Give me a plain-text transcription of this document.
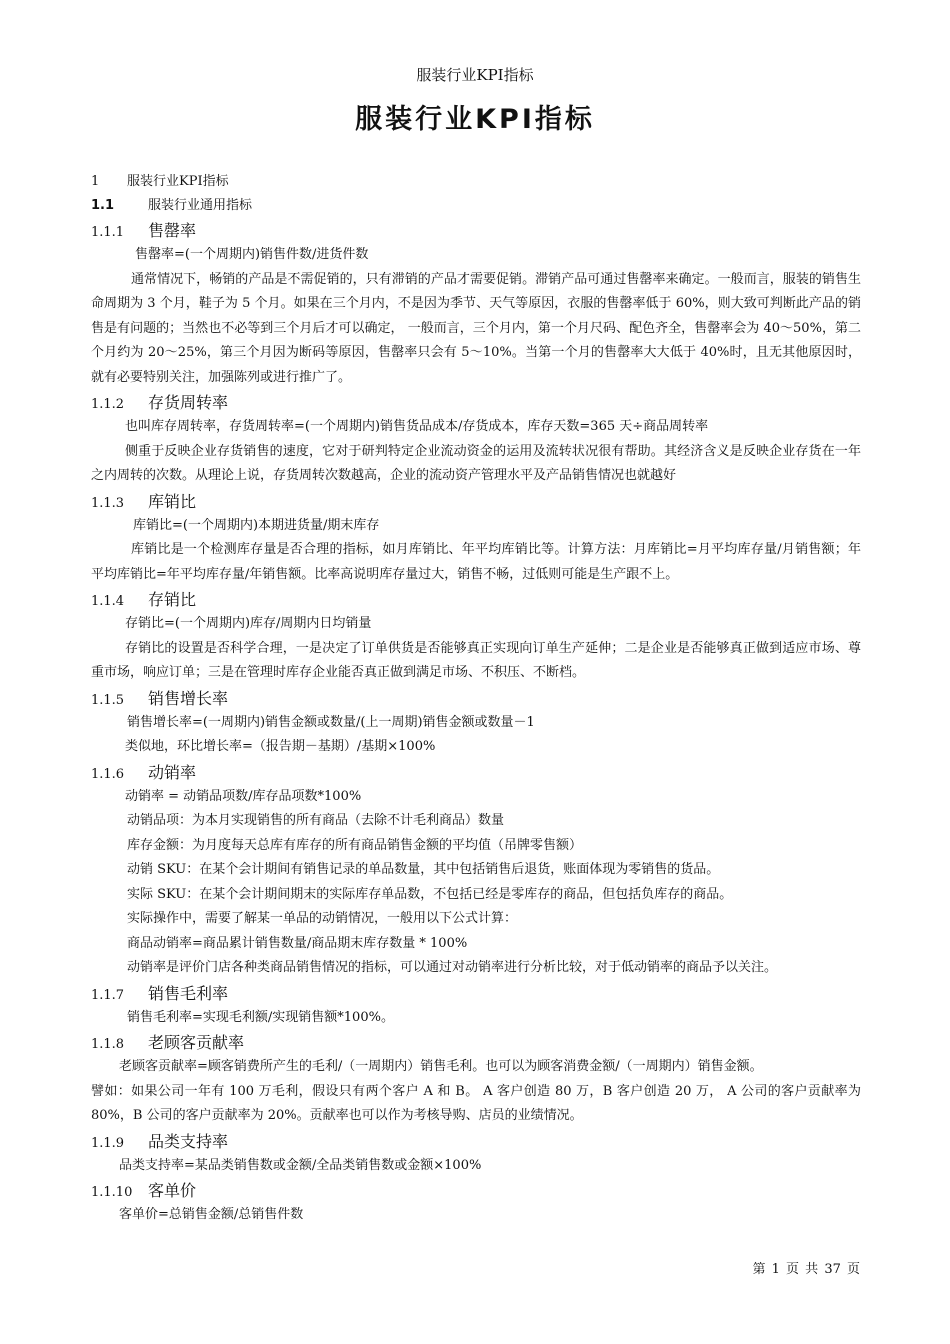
服装行业KPI指标
服装行业KPI指标
1 服装行业KPI指标
1.1	服装行业通用指标
1.1.1 售罄率
售罄率=(一个周期内)销售件数/进货件数
通常情况下，畅销的产品是不需促销的，只有滞销的产品才需要促销。滞销产品可通过售罄率来确定。一般而言，服装的销售生命周期为 3 个月，鞋子为 5 个月。如果在三个月内，不是因为季节、天气等原因，衣服的售罄率低于 60%，则大致可判断此产品的销售是有问题的；当然也不必等到三个月后才可以确定， 一般而言，三个月内，第一个月尺码、配色齐全，售罄率会为 40～50%，第二个月约为 20～25%，第三个月因为断码等原因，售罄率只会有 5～10%。当第一个月的售罄率大大低于 40%时，且无其他原因时，就有必要特别关注，加强陈列或进行推广了。
1.1.2 存货周转率
也叫库存周转率，存货周转率=(一个周期内)销售货品成本/存货成本，库存天数=365 天÷商品周转率
侧重于反映企业存货销售的速度，它对于研判特定企业流动资金的运用及流转状况很有帮助。其经济含义是反映企业存货在一年之内周转的次数。从理论上说，存货周转次数越高，企业的流动资产管理水平及产品销售情况也就越好
1.1.3 库销比
库销比=(一个周期内)本期进货量/期末库存
库销比是一个检测库存量是否合理的指标，如月库销比、年平均库销比等。计算方法：月库销比=月平均库存量/月销售额；年平均库销比=年平均库存量/年销售额。比率高说明库存量过大，销售不畅，过低则可能是生产跟不上。
1.1.4 存销比
存销比=(一个周期内)库存/周期内日均销量
存销比的设置是否科学合理，一是决定了订单供货是否能够真正实现向订单生产延伸；二是企业是否能够真正做到适应市场、尊重市场，响应订单；三是在管理时库存企业能否真正做到满足市场、不积压、不断档。
1.1.5 销售增长率
销售增长率=(一周期内)销售金额或数量/(上一周期)销售金额或数量－1
类似地，环比增长率=（报告期－基期）/基期×100%
1.1.6 动销率
动销率 = 动销品项数/库存品项数*100%
动销品项：为本月实现销售的所有商品（去除不计毛利商品）数量
库存金额：为月度每天总库有库存的所有商品销售金额的平均值（吊牌零售额）
动销 SKU：在某个会计期间有销售记录的单品数量，其中包括销售后退货，账面体现为零销售的货品。
实际 SKU：在某个会计期间期末的实际库存单品数，不包括已经是零库存的商品，但包括负库存的商品。
实际操作中，需要了解某一单品的动销情况，一般用以下公式计算：
商品动销率=商品累计销售数量/商品期末库存数量 * 100%
动销率是评价门店各种类商品销售情况的指标，可以通过对动销率进行分析比较，对于低动销率的商品予以关注。
1.1.7 销售毛利率
销售毛利率=实现毛利额/实现销售额*100%。
1.1.8 老顾客贡献率
老顾客贡献率=顾客销费所产生的毛利/（一周期内）销售毛利。也可以为顾客消费金额/（一周期内）销售金额。
譬如：如果公司一年有 100 万毛利，假设只有两个客户 A 和 B。 A 客户创造 80 万，B 客户创造 20 万， A 公司的客户贡献率为 80%，B 公司的客户贡献率为 20%。贡献率也可以作为考核导购、店员的业绩情况。
1.1.9 品类支持率
品类支持率=某品类销售数或金额/全品类销售数或金额×100%
1.1.10 客单价
客单价=总销售金额/总销售件数
第 1 页 共 37 页
